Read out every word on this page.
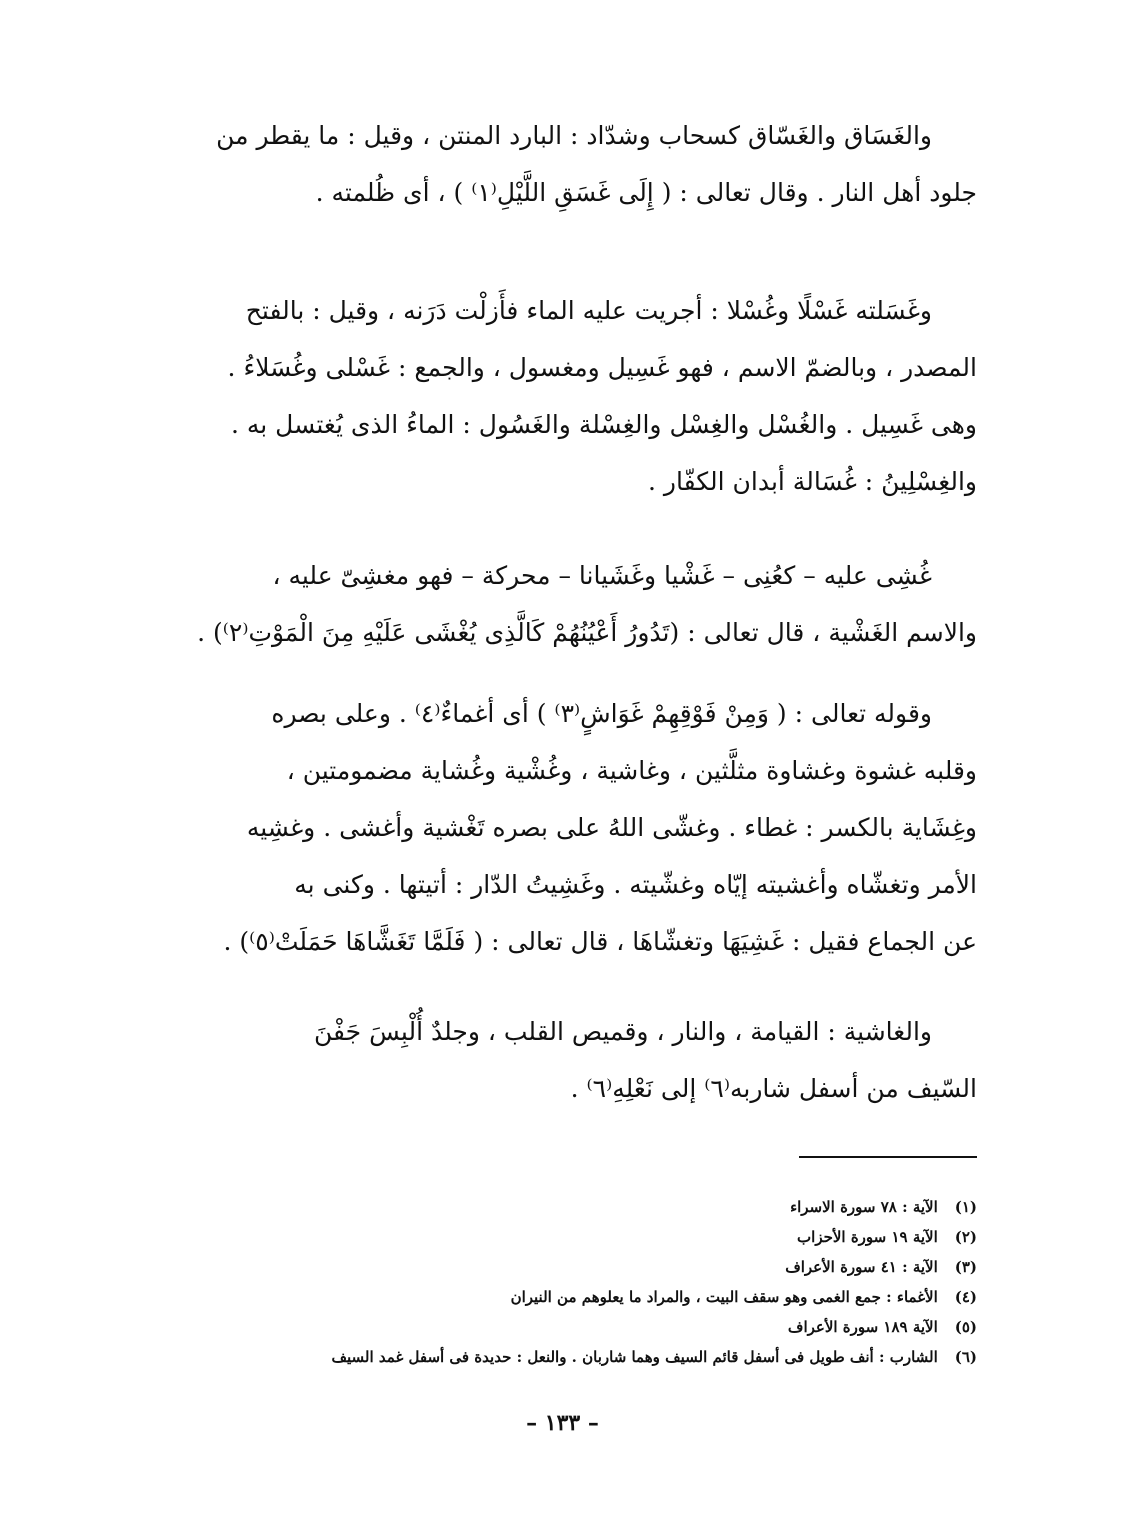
والغَسَاق والغَسّاق كسحاب وشدّاد : البارد المنتن ، وقيل : ما يقطر من
جلود أهل النار . وقال تعالى : ( إِلَى غَسَقِ اللَّيْلِ⁽١⁾ ) ، أى ظُلمته .
وغَسَلته غَسْلًا وغُسْلا : أجريت عليه الماء فأَزلْت دَرَنه ، وقيل : بالفتح
المصدر ، وبالضمّ الاسم ، فهو غَسِيل ومغسول ، والجمع : غَسْلى وغُسَلاءُ .
وهى غَسِيل . والغُسْل والغِسْل والغِسْلة والغَسُول : الماءُ الذى يُغتسل به .
والغِسْلِينُ : غُسَالة أبدان الكفّار .
غُشِى عليه – كعُنِى – غَشْيا وغَشَيانا – محركة – فهو مغشِىّ عليه ،
والاسم الغَشْية ، قال تعالى : (تَدُورُ أَعْيُنُهُمْ كَالَّذِى يُغْشَى عَلَيْهِ مِنَ الْمَوْتِ⁽٢⁾) .
وقوله تعالى : ( وَمِنْ فَوْقِهِمْ غَوَاشٍ⁽٣⁾ ) أى أغماءٌ⁽٤⁾ . وعلى بصره
وقلبه غشوة وغشاوة مثلَّثين ، وغاشية ، وغُشْية وغُشاية مضمومتين ،
وغِشَاية بالكسر : غطاء . وغشّى اللهُ على بصره تَغْشية وأغشى . وغشِيه
الأمر وتغشّاه وأغشيته إيّاه وغشّيته . وغَشِيتُ الدّار : أتيتها . وكنى به
عن الجماع فقيل : غَشِيَهَا وتغشّاهَا ، قال تعالى : ( فَلَمَّا تَغَشَّاهَا حَمَلَتْ⁽٥⁾) .
والغاشية : القيامة ، والنار ، وقميص القلب ، وجلدٌ أُلْبِسَ جَفْنَ
السّيف من أسفل شاربه⁽٦⁾ إلى نَعْلِهِ⁽٦⁾ .
(١) الآية : ٧٨ سورة الاسراء
(٢) الآية ١٩ سورة الأحزاب
(٣) الآية : ٤١ سورة الأعراف
(٤) الأغماء : جمع الغمى وهو سقف البيت ، والمراد ما يعلوهم من النيران
(٥) الآية ١٨٩ سورة الأعراف
(٦) الشارب : أنف طويل فى أسفل قائم السيف وهما شاربان . والنعل : حديدة فى أسفل غمد السيف
– ١٣٣ –
